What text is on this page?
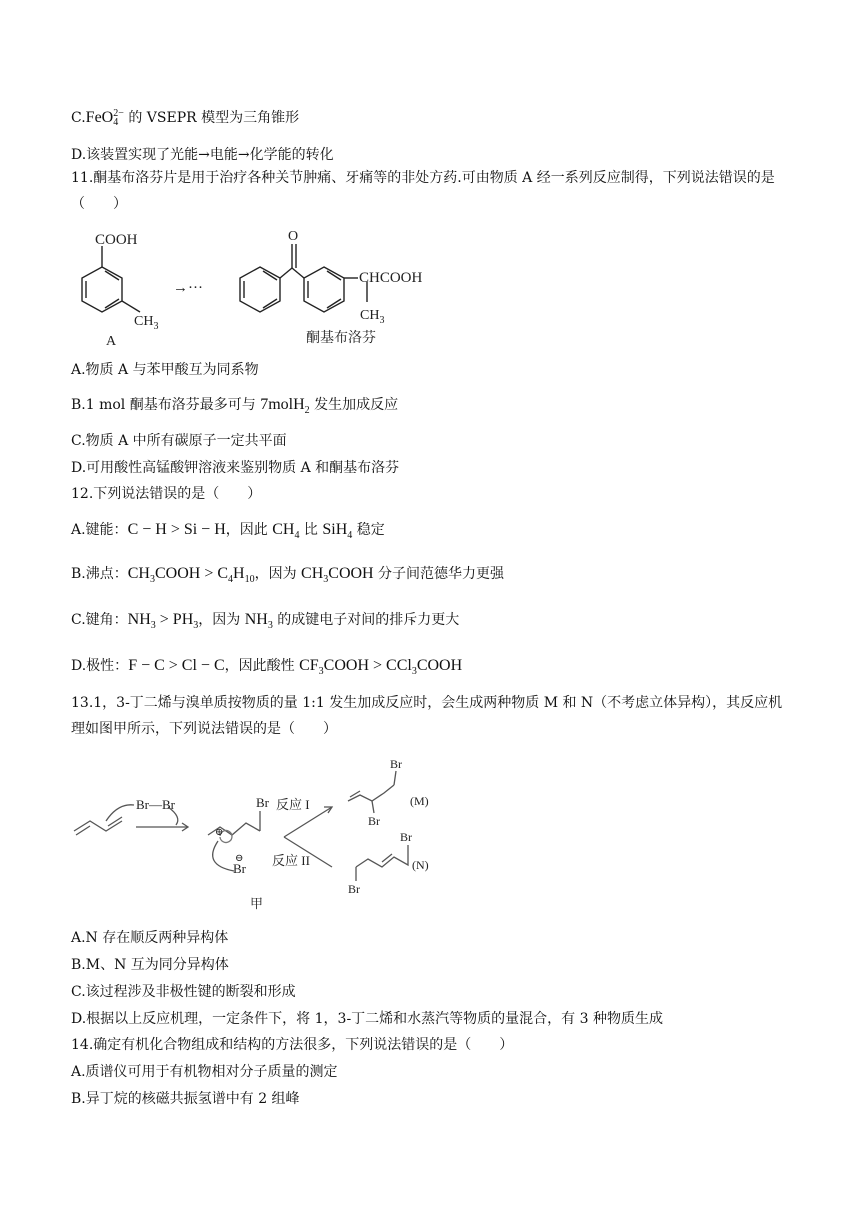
C.FeO 2−
4 的 VSEPR 模型为三角锥形
D.该装置实现了光能→电能→化学能的转化
11.酮基布洛芬片是用于治疗各种关节肿痛、牙痛等的非处方药.可由物质 A 经一系列反应制得，下列说法错误的是（　　）
COOH
$CH_3$
A
→···
O
CHCOOH
$CH_3$
酮基布洛芬
A.物质 A 与苯甲酸互为同系物
B.1 mol 酮基布洛芬最多可与 7molH$_2$ 发生加成反应
C.物质 A 中所有碳原子一定共平面
D.可用酸性高锰酸钾溶液来鉴别物质 A 和酮基布洛芬
12.下列说法错误的是（　　）
A.键能：C − H > Si − H，因此 $CH_4$ 比 SiH$_4$ 稳定
B.沸点：$CH_3COOH > C_4H_{10}$，因为 $CH_3COOH$ 分子间范德华力更强
C.键角：$NH_3 > PH_3$，因为 $NH_3$ 的成键电子对间的排斥力更大
D.极性：F − C > Cl − C，因此酸性 $CF_3COOH$ > CCl$_3$COOH
13.1，3-丁二烯与溴单质按物质的量 1:1 发生加成反应时，会生成两种物质 M 和 N（不考虑立体异构），其反应机理如图甲所示，下列说法错误的是（　　）
Br—Br	Br
⊕
⊖
Br
反应 I
反应 II
Br
Br
(M)
Br
Br
(N)
甲
A.N 存在顺反两种异构体
B.M、N 互为同分异构体
C.该过程涉及非极性键的断裂和形成
D.根据以上反应机理，一定条件下，将 1，3-丁二烯和水蒸汽等物质的量混合，有 3 种物质生成
14.确定有机化合物组成和结构的方法很多，下列说法错误的是（　　）
A.质谱仪可用于有机物相对分子质量的测定
B.异丁烷的核磁共振氢谱中有 2 组峰
